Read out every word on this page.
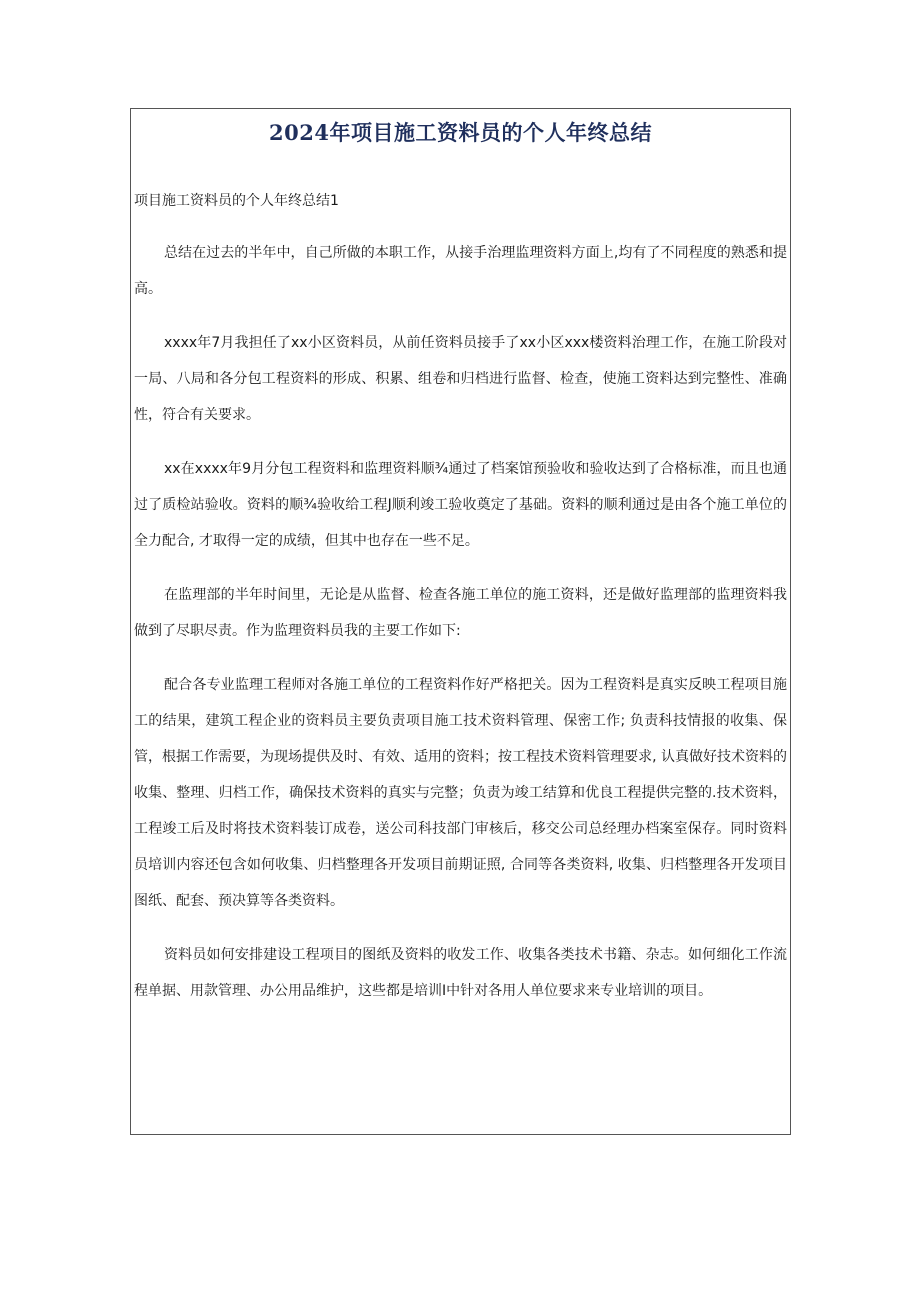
2024年项目施工资料员的个人年终总结

项目施工资料员的个人年终总结1

总结在过去的半年中，自己所做的本职工作，从接手治理监理资料方面上,均有了不同程度的熟悉和提高。

xxxx年7月我担任了xx小区资料员，从前任资料员接手了xx小区xxx楼资料治理工作，在施工阶段对一局、八局和各分包工程资料的形成、积累、组卷和归档进行监督、检查，使施工资料达到完整性、准确性，符合有关要求。

xx在xxxx年9月分包工程资料和监理资料顺¾通过了档案馆预验收和验收达到了合格标准，而且也通过了质检站验收。资料的顺¾验收给工程J顺利竣工验收奠定了基础。资料的顺利通过是由各个施工单位的全力配合, 才取得一定的成绩，但其中也存在一些不足。

在监理部的半年时间里，无论是从监督、检查各施工单位的施工资料，还是做好监理部的监理资料我做到了尽职尽责。作为监理资料员我的主要工作如下:

配合各专业监理工程师对各施工单位的工程资料作好严格把关。因为工程资料是真实反映工程项目施工的结果，建筑工程企业的资料员主要负责项目施工技术资料管理、保密工作; 负责科技情报的收集、保管，根据工作需要，为现场提供及时、有效、适用的资料；按工程技术资料管理要求, 认真做好技术资料的收集、整理、归档工作，确保技术资料的真实与完整；负责为竣工结算和优良工程提供完整的.技术资料，工程竣工后及时将技术资料装订成卷，送公司科技部门审核后，移交公司总经理办档案室保存。同时资料员培训内容还包含如何收集、归档整理各开发项目前期证照, 合同等各类资料, 收集、归档整理各开发项目图纸、配套、预决算等各类资料。

资料员如何安排建设工程项目的图纸及资料的收发工作、收集各类技术书籍、杂志。如何细化工作流程单据、用款管理、办公用品维护，这些都是培训I中针对各用人单位要求来专业培训的项目。
